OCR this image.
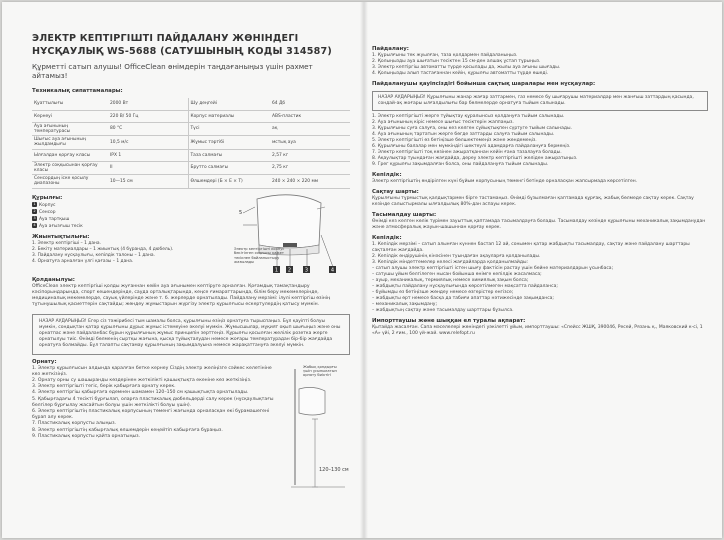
ЭЛЕКТР КЕПТІРГІШТІ ПАЙДАЛАНУ ЖӨНІНДЕГІ
НҰСҚАУЛЫҚ WS-5688 (САТУШЫНЫҢ КОДЫ 314587)
Құрметті сатып алушы! OfficeClean өнімдерін таңдағаныңыз үшін рахмет айтамыз!
Техникалық сипаттамалары:
Қуаттылығы	2000 Вт	Шу деңгейі	64 Дб
Кернеуі	220 В/ 50 Гц	Корпус материалы	ABS-пластик
Ауа ағынының температурасы	80 °С	Түсі	ақ
Шығыс ауа ағынының жылдамдығы	10,5 м/с	Жұмыс тәртібі	мстық ауа
Ылғалдан қорғау класы	IPX 1	Таза салмағы	2,57 кг
Электр соққысынан қорғау класы	II	Брутто салмағы	2,75 кг
Сенсордың іске қосылу диапазоны	10—15 см	Өлшемдері (Б × Е × Т)	240 × 240 × 220 мм
Құрылғы:
1 Корпус
2 Сенсор
3 Ауа тартқыш
4 Ауа ағызғыш тесік
Жиынтықтылығы:
1. Электр кептіргіші – 1 дана.
2. Бекіту материалдары – 1 жиынтық (4 бұранда, 4 дюбель).
3. Пайдалану нұсқаулығы, кепілдік талоны – 1 дана.
4. Орнатуға арналған үлгі қағазы – 1 дана.
1 2	3	4
5
Электр кептіргішті корпус бекітілген соңғысы қажет тесікпен байланыстыру жазылады
Қолданылуы:
OfficeClean электр кептіргіші қолды жуғаннан кейін ауа ағынымен кептіруге арналған. Қоғамдық тамақтандыру кәсіпорындарында, спорт кешендерінде, сауда орталықтарында, кеңсе ғимараттарында, білім беру мекемелерінде, медициналық мекемелерде, сауық үйлерінде және т. б. жерлерде орнатылады. Пайдалану мерзімі: ілулі кептіргіш өзінің тұтынушылық қасиеттерін сақтайды; жөндеу жұмыстарын жүргізу электр құрылғысы ескертулердің қатысу мүмкін.
НАЗАР АУДАРЫҢЫЗ! Егер сіз тәжірибесі тым шамалы болса, құрылғыны өзіңіз орнатуға тырыспаңыз. Бұл қауіпті болуы мүмкін, сондықтан қатар құрылғыны дұрыс жұмыс істемеуіне әкелуі мүмкін. Жұмысшылар, мұқият оқып шығыңыз және оны орнатпас және пайдаланбас бұрын құрылғының жұмыс принципін зерттеңіз. Құрылғы қосылған желілік розетка жерге орнатылуы тиіс. Өнімді бөлменің сыртқы жағына, қысқа тұйықталудан немесе жоғары температурадан бір-бір жағдайда орнатуға болмайды. Бұл талапты сақтамау құрылғының зақымдалуына немесе жарақаттануға әкелуі мүмкін.
Орнату:
1. Электр құрылғысын алдында қаралған бетке кернеу Сіздің электр желіңізге сәйкес келетініне көз жеткізіңіз.
2. Орнату орны су шашыранды көздерінен жеткілікті қашықтықта екеніне көз жеткізіңіз.
3. Электр кептіргішті тегіс, берік қабырғаға орнату керек.
4. Электр кептіргіш қабырғаға едемнен шамамен 120–150 см қашықтықта орнатылады.
5. Қабырғадағы 4 тесікті бұрғылап, оларға пластикалық дюбельдерді салу керек (нұсқаулықтағы белгілер бұрғылау жасайтын болуы үшін жеткілікті болуы үшін).
6. Электр кептіргіштің пластикалық корпусының төменгі жағында орналасқан екі бұрамашегені бұрап алу керек.
7. Пластикалық корпусты алыңыз.
8. Электр кептіргіштің кабырғалық өлшемдерін кеңейтіп кабырғаға бұраңыз.
9. Пластикалық корпусты қайта орнатыңыз.
Жабық қондырғы үшін ұсынылатын орнату биіктігі
120–130 см
Пайдалану:
1. Құрылғыны тек жуылған, таза қолдармен пайдаланыңыз.
2. Қолыңызды ауа шығатын тесіктен 15 см-ден алшақ ұстап тұрыңыз.
3. Электр кептіргіш автоматты түрде қосылады да, жылы ауа ағыны шығады.
4. Қолыңызды алып тастағаннан кейін, құрылғы автоматты түрде өшеді.
Пайдаланушы қауіпсіздігі бойынша сақтық шаралары мен нұсқаулар:
НАЗАР АУДАРЫҢЫЗ! Құрылғыны жанар жағар заттармен, газ немесе бу шығарушы материалдар мен жанғыш заттардың қасында, сондай-ақ жоғары ылғалдылығы бар бөлмелерде орнатуға тыйым салынады.
1. Электр кептіргішті жерге тұйықтау құралынсыз қолдануға тыйым салынады.
2. Ауа ағынының кіріс немесе шығыс тесіктерін жаппаңыз.
3. Құрылғыны суға салуға, оны кез келген сұйықтықпен сүртуге тыйым салынады.
4. Ауа ағынының тартатын жерге бөгде заттарды салуға тыйым салынады.
5. Электр кептіргішті өз бетіңізше бөлшектемеңіз және жөндемеңіз.
6. Құрылғыны балалар мен мүмкіндігі шектеулі адамдарға пайдалануға бермеңіз.
7. Электр кептіргішті тоқ көзінен ажыратқаннан кейін ғана тазалауға болады.
8. Ақаулықтар туындаған жағдайда, дереу электр кептіргішті желіден ажыратыңыз.
9. Грег құрылғы зақымдалған болса, оны пайдалануға тыйым салынады.
Кепілдік:
Электр кептіргіштің өндірілген күні бұйым корпусының төменгі бетінде орналасқан жапсырмада көрсетілген.
Сақтау шарты:
Құрылғыны тұрмыстық қалдықтармен бірге тастамаңыз. Өнімді бұзылмаған қаптамада құрғақ, жабық бөлмеде сақтау керек. Сақтау кезінде салыстырмалы ылғалдылық 80%-дан аспауы керек.
Тасымалдау шарты:
Өнімді кез келген көлік түрімен зауыттық қаптамада тасымалдауға болады. Тасымалдау кезінде құрылғыны механикалық зақымданудан және атмосфералық жауын-шашыннан қорғау керек.
Кепілдік:
1. Кепілдік мерзімі – сатып алынған күннен бастап 12 ай, сонымен қатар жабдықты тасымалдау, сақтау және пайдалану шарттары сақталған жағдайда.
2. Кепілдік өндірушінің кінәсінен туындаған ақауларға қолданылады.
3. Кепілдік міндеттемелер келесі жағдайларда қолданылмайды:
– сатып алушы электр кептіргішті істен шығу фактісін растау үшін бейне материалдарын ұсынбаса;
– сатушы ұйым белгілеген нысан бойынша өнімге кепілдік жасалмаса;
– ауыр, механикалық, термиялық немесе химиялық зақым болса;
– жабдықты пайдалану нұсқаулығында көрсетілмеген мақсатта пайдаланса;
– бұйымды өз бетіңізше жөндеу немесе өзгерістер енгізсе;
– жабдықты өрт немесе басқа да табиғи апаттар нәтижесінде зақымданса;
– механикалық зақымдану;
– жабдықтың сақтау және тасымалдау шарттары бұзылса.
Импорттаушы және шыққан ел туралы ақпарат:
Қытайда жасалған. Сапа мәселелері жөніндегі уәкілетті ұйым, импорттаушы: «Спейсс ЖШҚ, 390046, Ресей, Рязань қ., Маяковский к-сі, 1 «А» үйі, 2 ғим., 100 үй-жай. www.relefopt.ru
